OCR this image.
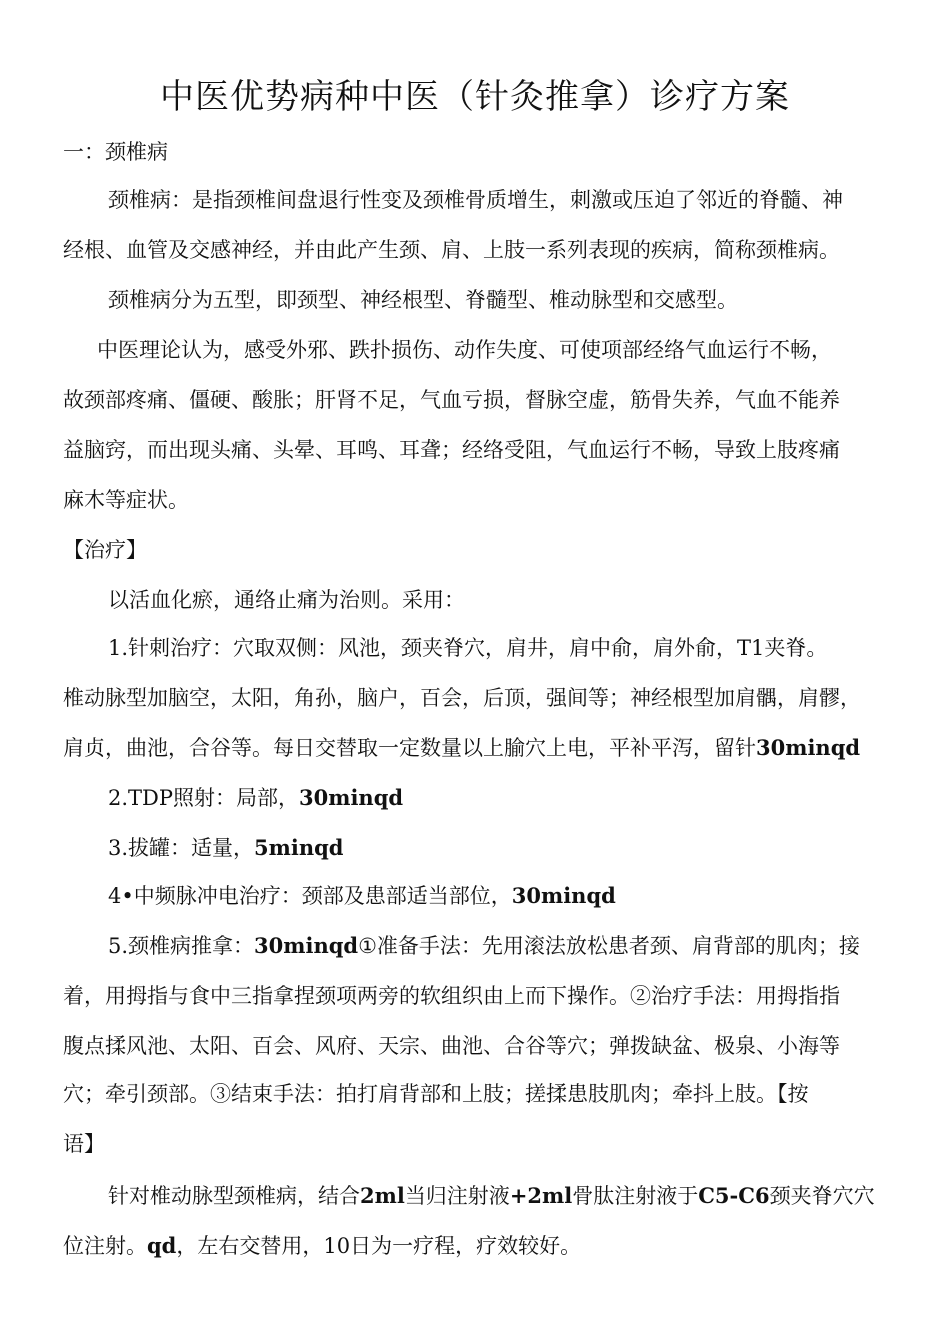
中医优势病种中医（针灸推拿）诊疗方案
一：颈椎病
颈椎病：是指颈椎间盘退行性变及颈椎骨质增生，刺激或压迫了邻近的脊髓、神
经根、血管及交感神经，并由此产生颈、肩、上肢一系列表现的疾病，简称颈椎病。
颈椎病分为五型，即颈型、神经根型、脊髓型、椎动脉型和交感型。
中医理论认为，感受外邪、跌扑损伤、动作失度、可使项部经络气血运行不畅，
故颈部疼痛、僵硬、酸胀；肝肾不足，气血亏损，督脉空虚，筋骨失养，气血不能养
益脑窍，而出现头痛、头晕、耳鸣、耳聋；经络受阻，气血运行不畅，导致上肢疼痛
麻木等症状。
【治疗】
以活血化瘀，通络止痛为治则。采用：
1.针刺治疗：穴取双侧：风池，颈夹脊穴，肩井，肩中俞，肩外俞，T1夹脊。
椎动脉型加脑空，太阳，角孙，脑户，百会，后顶，强间等；神经根型加肩髃，肩髎，
肩贞，曲池，合谷等。每日交替取一定数量以上腧穴上电，平补平泻，留针30minqd
2.TDP照射：局部，30minqd
3.拔罐：适量，5minqd
4•中频脉冲电治疗：颈部及患部适当部位，30minqd
5.颈椎病推拿：30minqd①准备手法：先用滚法放松患者颈、肩背部的肌肉；接
着，用拇指与食中三指拿捏颈项两旁的软组织由上而下操作。②治疗手法：用拇指指
腹点揉风池、太阳、百会、风府、天宗、曲池、合谷等穴；弹拨缺盆、极泉、小海等
穴；牵引颈部。③结束手法：拍打肩背部和上肢；搓揉患肢肌肉；牵抖上肢。【按
语】
针对椎动脉型颈椎病，结合2ml当归注射液+2ml骨肽注射液于C5-C6颈夹脊穴穴
位注射。qd，左右交替用，10日为一疗程，疗效较好。
